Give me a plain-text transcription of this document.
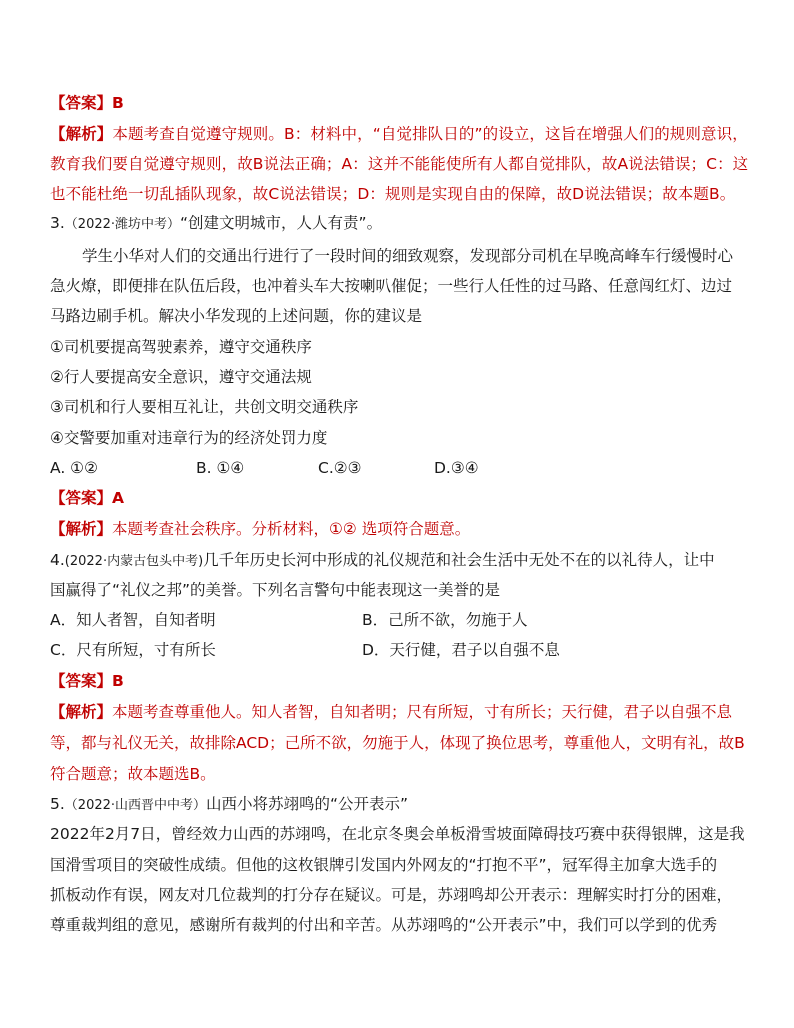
【答案】B
【解析】本题考查自觉遵守规则。B：材料中，“自觉排队日的”的设立，这旨在增强人们的规则意识，
教育我们要自觉遵守规则，故B说法正确；A：这并不能能使所有人都自觉排队，故A说法错误；C：这
也不能杜绝一切乱插队现象，故C说法错误；D：规则是实现自由的保障，故D说法错误；故本题B。
3.（2022·潍坊中考）“创建文明城市，人人有责”。
学生小华对人们的交通出行进行了一段时间的细致观察，发现部分司机在早晚高峰车行缓慢时心
急火燎，即便排在队伍后段，也冲着头车大按喇叭催促；一些行人任性的过马路、任意闯红灯、边过
马路边刷手机。解决小华发现的上述问题，你的建议是
①司机要提高驾驶素养，遵守交通秩序
②行人要提高安全意识，遵守交通法规
③司机和行人要相互礼让，共创文明交通秩序
④交警要加重对违章行为的经济处罚力度
A. ①②	B. ①④	C.②③	D.③④
【答案】A
【解析】本题考查社会秩序。分析材料，①② 选项符合题意。
4.(2022·内蒙古包头中考)几千年历史长河中形成的礼仪规范和社会生活中无处不在的以礼待人，让中
国赢得了“礼仪之邦”的美誉。下列名言警句中能表现这一美誉的是
A．知人者智，自知者明	B．己所不欲，勿施于人
C．尺有所短，寸有所长	D．天行健，君子以自强不息
【答案】B
【解析】本题考查尊重他人。知人者智，自知者明；尺有所短，寸有所长；天行健，君子以自强不息
等，都与礼仪无关，故排除ACD；己所不欲，勿施于人，体现了换位思考，尊重他人，文明有礼，故B
符合题意；故本题选B。
5.（2022·山西晋中中考）山西小将苏翊鸣的“公开表示”
2022年2月7日，曾经效力山西的苏翊鸣，在北京冬奥会单板滑雪坡面障碍技巧赛中获得银牌，这是我
国滑雪项目的突破性成绩。但他的这枚银牌引发国内外网友的“打抱不平”，冠军得主加拿大选手的
抓板动作有误，网友对几位裁判的打分存在疑议。可是，苏翊鸣却公开表示：理解实时打分的困难，
尊重裁判组的意见，感谢所有裁判的付出和辛苦。从苏翊鸣的“公开表示”中，我们可以学到的优秀
